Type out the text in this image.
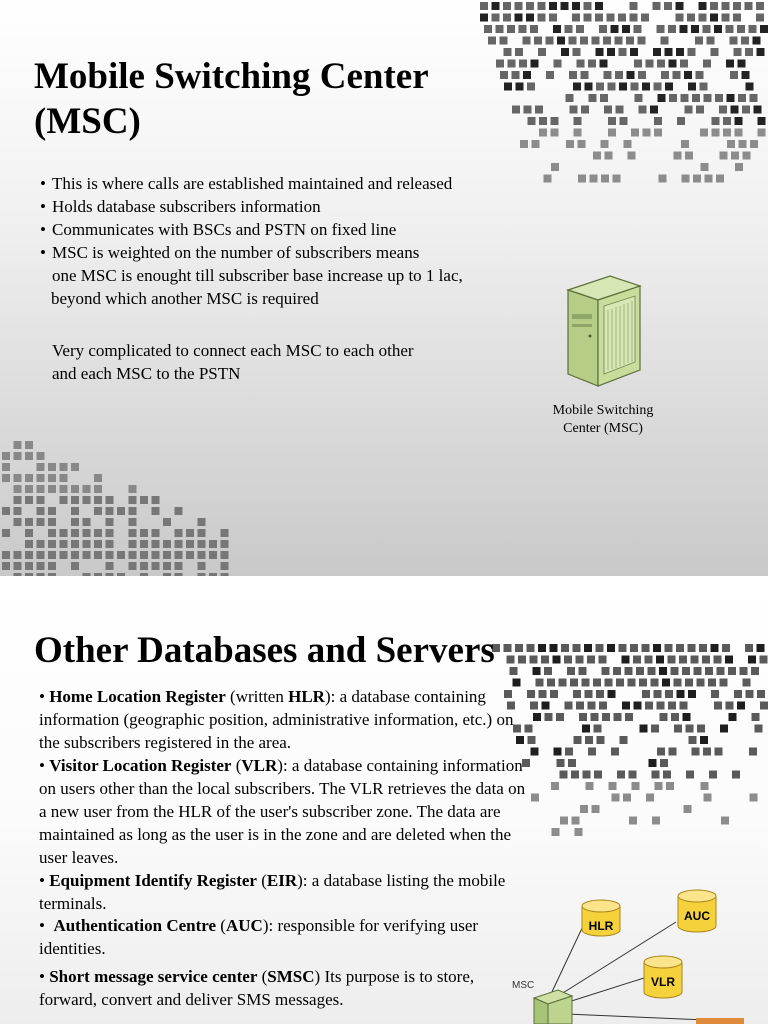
Mobile Switching Center (MSC)
• This is where calls are established maintained and released
• Holds database subscribers information
• Communicates with BSCs and PSTN on fixed line
• MSC is weighted on the number of subscribers means
one MSC is enought till subscriber base increase up to 1 lac,
beyond which another MSC is required
Very complicated to connect each MSC to each other
and each MSC to the PSTN
Mobile Switching
Center (MSC)
Other Databases and Servers
• Home Location Register (written HLR): a database containing information (geographic position, administrative information, etc.) on the subscribers registered in the area.
• Visitor Location Register (VLR): a database containing information on users other than the local subscribers. The VLR retrieves the data on a new user from the HLR of the user's subscriber zone. The data are maintained as long as the user is in the zone and are deleted when the user leaves.
• Equipment Identify Register (EIR): a database listing the mobile terminals.
•  Authentication Centre (AUC): responsible for verifying user identities.
• Short message service center (SMSC) Its purpose is to store, forward, convert and deliver SMS messages.
HLR
AUC
VLR
MSC
